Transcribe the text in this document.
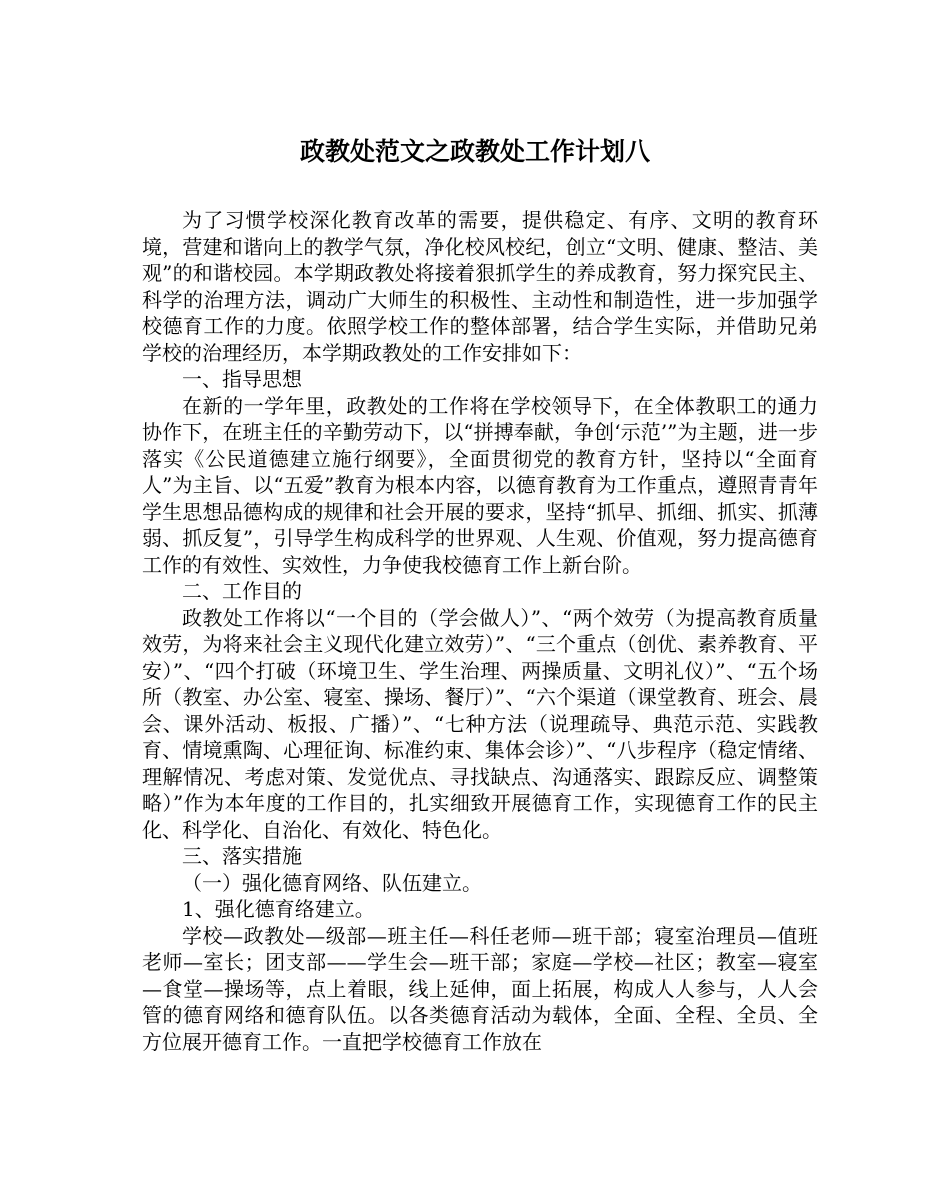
政教处范文之政教处工作计划八

为了习惯学校深化教育改革的需要，提供稳定、有序、文明的教育环境，营建和谐向上的教学气氛，净化校风校纪，创立“文明、健康、整洁、美观”的和谐校园。本学期政教处将接着狠抓学生的养成教育，努力探究民主、科学的治理方法，调动广大师生的积极性、主动性和制造性，进一步加强学校德育工作的力度。依照学校工作的整体部署，结合学生实际，并借助兄弟学校的治理经历，本学期政教处的工作安排如下：

一、指导思想

在新的一学年里，政教处的工作将在学校领导下，在全体教职工的通力协作下，在班主任的辛勤劳动下，以“拼搏奉献，争创‘示范’”为主题，进一步落实《公民道德建立施行纲要》，全面贯彻党的教育方针，坚持以“全面育人”为主旨、以“五爱”教育为根本内容，以德育教育为工作重点，遵照青青年学生思想品德构成的规律和社会开展的要求，坚持“抓早、抓细、抓实、抓薄弱、抓反复”，引导学生构成科学的世界观、人生观、价值观，努力提高德育工作的有效性、实效性，力争使我校德育工作上新台阶。

二、工作目的

政教处工作将以“一个目的（学会做人）”、“两个效劳（为提高教育质量效劳，为将来社会主义现代化建立效劳）”、“三个重点（创优、素养教育、平安）”、“四个打破（环境卫生、学生治理、两操质量、文明礼仪）”、“五个场所（教室、办公室、寝室、操场、餐厅）”、“六个渠道（课堂教育、班会、晨会、课外活动、板报、广播）”、“七种方法（说理疏导、典范示范、实践教育、情境熏陶、心理征询、标准约束、集体会诊）”、“八步程序（稳定情绪、理解情况、考虑对策、发觉优点、寻找缺点、沟通落实、跟踪反应、调整策略）”作为本年度的工作目的，扎实细致开展德育工作，实现德育工作的民主化、科学化、自治化、有效化、特色化。

三、落实措施

（一）强化德育网络、队伍建立。

1、强化德育络建立。

学校—政教处—级部—班主任—科任老师—班干部；寝室治理员—值班老师—室长；团支部——学生会—班干部；家庭—学校—社区；教室—寝室—食堂—操场等，点上着眼，线上延伸，面上拓展，构成人人参与，人人会管的德育网络和德育队伍。以各类德育活动为载体，全面、全程、全员、全方位展开德育工作。一直把学校德育工作放在
